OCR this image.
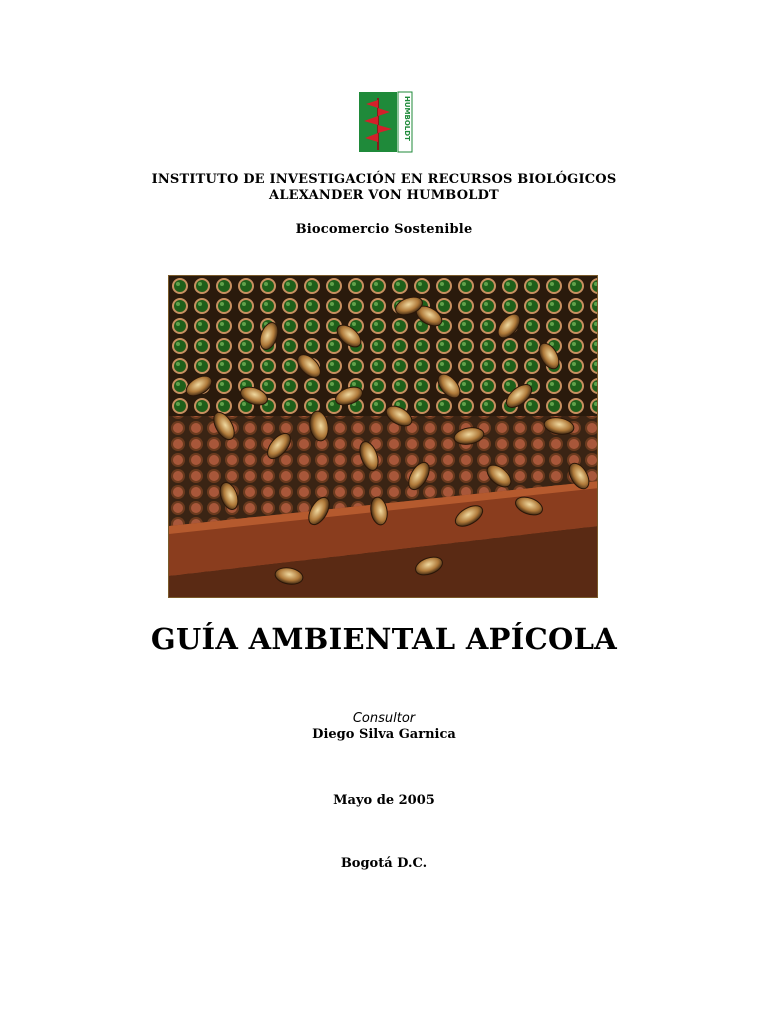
HUMBOLDT
INSTITUTO DE INVESTIGACIÓN EN RECURSOS BIOLÓGICOS
ALEXANDER VON HUMBOLDT
Biocomercio Sostenible
GUÍA AMBIENTAL APÍCOLA
Consultor
Diego Silva Garnica
Mayo de 2005
Bogotá D.C.
